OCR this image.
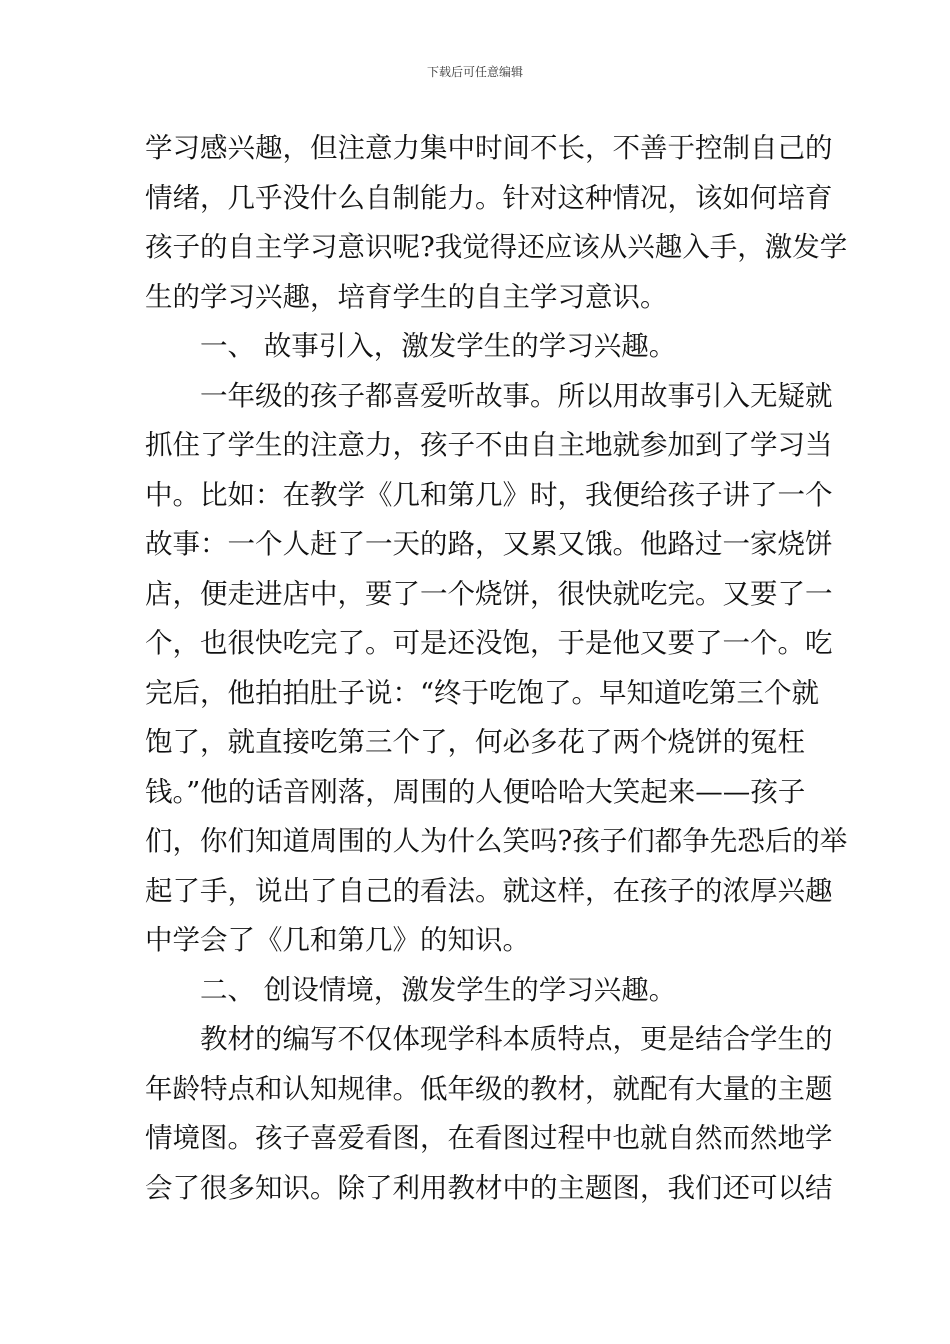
下载后可任意编辑
学习感兴趣，但注意力集中时间不长，不善于控制自己的
情绪，几乎没什么自制能力。针对这种情况，该如何培育
孩子的自主学习意识呢?我觉得还应该从兴趣入手，激发学
生的学习兴趣，培育学生的自主学习意识。
一、 故事引入，激发学生的学习兴趣。
一年级的孩子都喜爱听故事。所以用故事引入无疑就
抓住了学生的注意力，孩子不由自主地就参加到了学习当
中。比如：在教学《几和第几》时，我便给孩子讲了一个
故事：一个人赶了一天的路，又累又饿。他路过一家烧饼
店，便走进店中，要了一个烧饼，很快就吃完。又要了一
个，也很快吃完了。可是还没饱，于是他又要了一个。吃
完后，他拍拍肚子说：“终于吃饱了。早知道吃第三个就
饱了，就直接吃第三个了，何必多花了两个烧饼的冤枉
钱。”他的话音刚落，周围的人便哈哈大笑起来——孩子
们，你们知道周围的人为什么笑吗?孩子们都争先恐后的举
起了手，说出了自己的看法。就这样，在孩子的浓厚兴趣
中学会了《几和第几》的知识。
二、 创设情境，激发学生的学习兴趣。
教材的编写不仅体现学科本质特点，更是结合学生的
年龄特点和认知规律。低年级的教材，就配有大量的主题
情境图。孩子喜爱看图，在看图过程中也就自然而然地学
会了很多知识。除了利用教材中的主题图，我们还可以结
